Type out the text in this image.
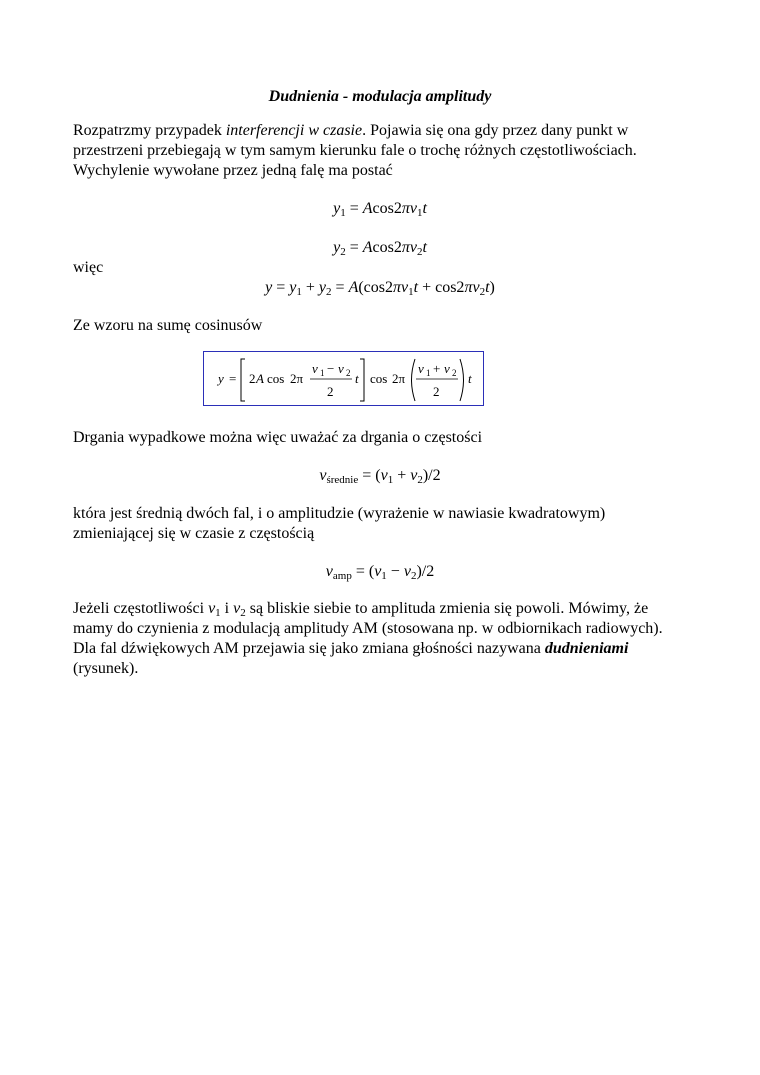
Dudnienia - modulacja amplitudy
Rozpatrzmy przypadek interferencji w czasie. Pojawia się ona gdy przez dany punkt w
przestrzeni przebiegają w tym samym kierunku fale o trochę różnych częstotliwościach.
Wychylenie wywołane przez jedną falę ma postać
$y_1 = Acos2\pi\nu_1t$
$y_2 = Acos2\pi\nu_2t$
więc
$y = y_1 + y_2 = A(\cos 2\pi\nu_1t + \cos 2\pi\nu_2t)$
Ze wzoru na sumę cosinusów
y = 2 A cos 2π
ν 1 − ν 2
2
t cos 2π
ν 1 + ν 2
2
t
Drgania wypadkowe można więc uważać za drgania o częstości
$\nu_{średnie} = (\nu_1 + \nu_2)/2$
która jest średnią dwóch fal, i o amplitudzie (wyrażenie w nawiasie kwadratowym)
zmieniającej się w czasie z częstością
$\nu_{amp} = (\nu_1 - \nu_2)/2$
Jeżeli częstotliwości $\nu_1$ i $\nu_2$ są bliskie siebie to amplituda zmienia się powoli. Mówimy, że
mamy do czynienia z modulacją amplitudy AM (stosowana np. w odbiornikach radiowych).
Dla fal dźwiękowych AM przejawia się jako zmiana głośności nazywana dudnieniami
(rysunek).
